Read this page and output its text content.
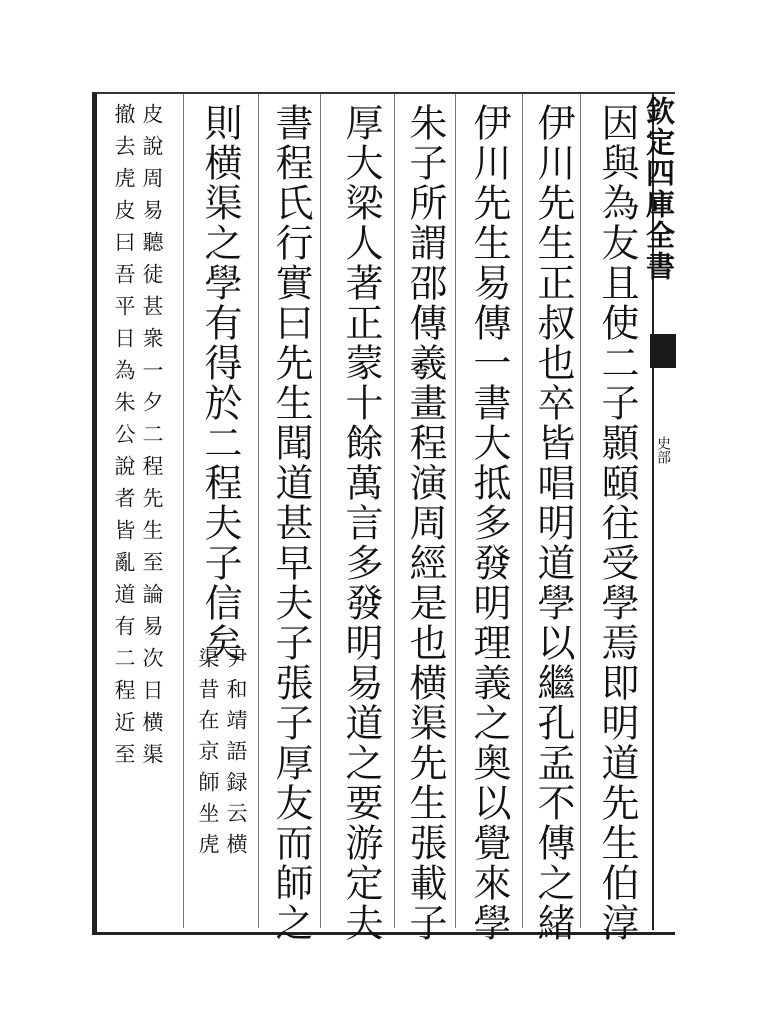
欽定四庫全書
史部
因與為友且使二子顥頤往受學焉即明道先生伯淳
伊川先生正叔也卒皆唱明道學以繼孔孟不傳之緒
伊川先生易傳一書大抵多發明理義之奥以覺來學
朱子所謂邵傳羲畫程演周經是也横渠先生張載子
厚大梁人著正蒙十餘萬言多發明易道之要游定夫
書程氏行實曰先生聞道甚早夫子張子厚友而師之
則横渠之學有得於二程夫子信矣
尹和靖語録云横
渠昔在京師坐虎
皮說周易聽徒甚衆一夕二程先生至論易次日横渠
撤去虎皮曰吾平日為朱公說者皆亂道有二程近至
